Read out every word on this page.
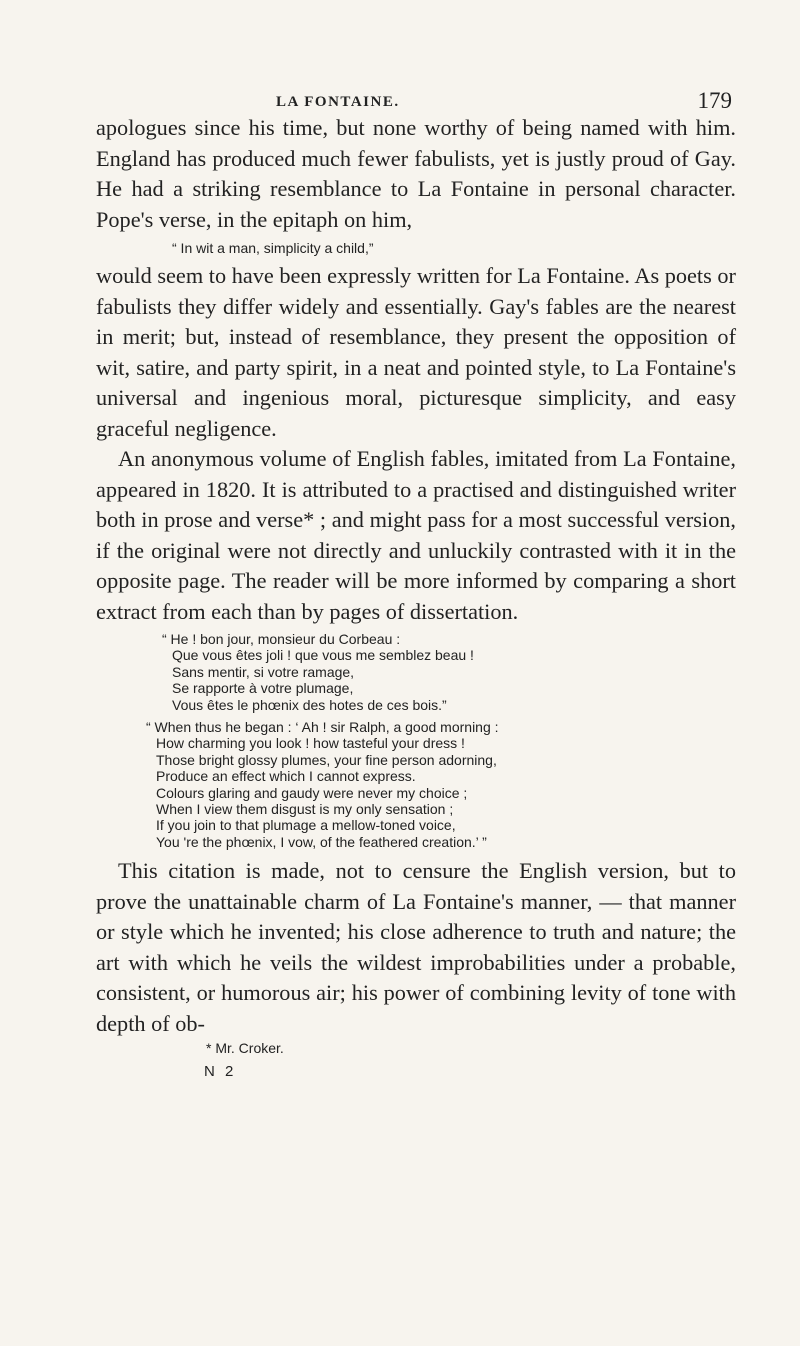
LA FONTAINE.	179

apologues since his time, but none worthy of being named with him. England has produced much fewer fabulists, yet is justly proud of Gay. He had a striking resemblance to La Fontaine in personal character. Pope's verse, in the epitaph on him,

“ In wit a man, simplicity a child,”

would seem to have been expressly written for La Fontaine. As poets or fabulists they differ widely and essentially. Gay's fables are the nearest in merit; but, instead of resemblance, they present the opposition of wit, satire, and party spirit, in a neat and pointed style, to La Fontaine's universal and ingenious moral, picturesque simplicity, and easy graceful negligence.

An anonymous volume of English fables, imitated from La Fontaine, appeared in 1820. It is attributed to a practised and distinguished writer both in prose and verse* ; and might pass for a most successful version, if the original were not directly and unluckily contrasted with it in the opposite page. The reader will be more informed by comparing a short extract from each than by pages of dissertation.

“ He ! bon jour, monsieur du Corbeau :
Que vous êtes joli ! que vous me semblez beau !
Sans mentir, si votre ramage,
Se rapporte à votre plumage,
Vous êtes le phœnix des hotes de ces bois.”
“ When thus he began : ‘ Ah ! sir Ralph, a good morning :
How charming you look ! how tasteful your dress !
Those bright glossy plumes, your fine person adorning,
Produce an effect which I cannot express.
Colours glaring and gaudy were never my choice ;
When I view them disgust is my only sensation ;
If you join to that plumage a mellow-toned voice,
You 're the phœnix, I vow, of the feathered creation.’ ”

This citation is made, not to censure the English version, but to prove the unattainable charm of La Fontaine's manner, — that manner or style which he invented; his close adherence to truth and nature; the art with which he veils the wildest improbabilities under a probable, consistent, or humorous air; his power of combining levity of tone with depth of ob-

* Mr. Croker.
N 2
